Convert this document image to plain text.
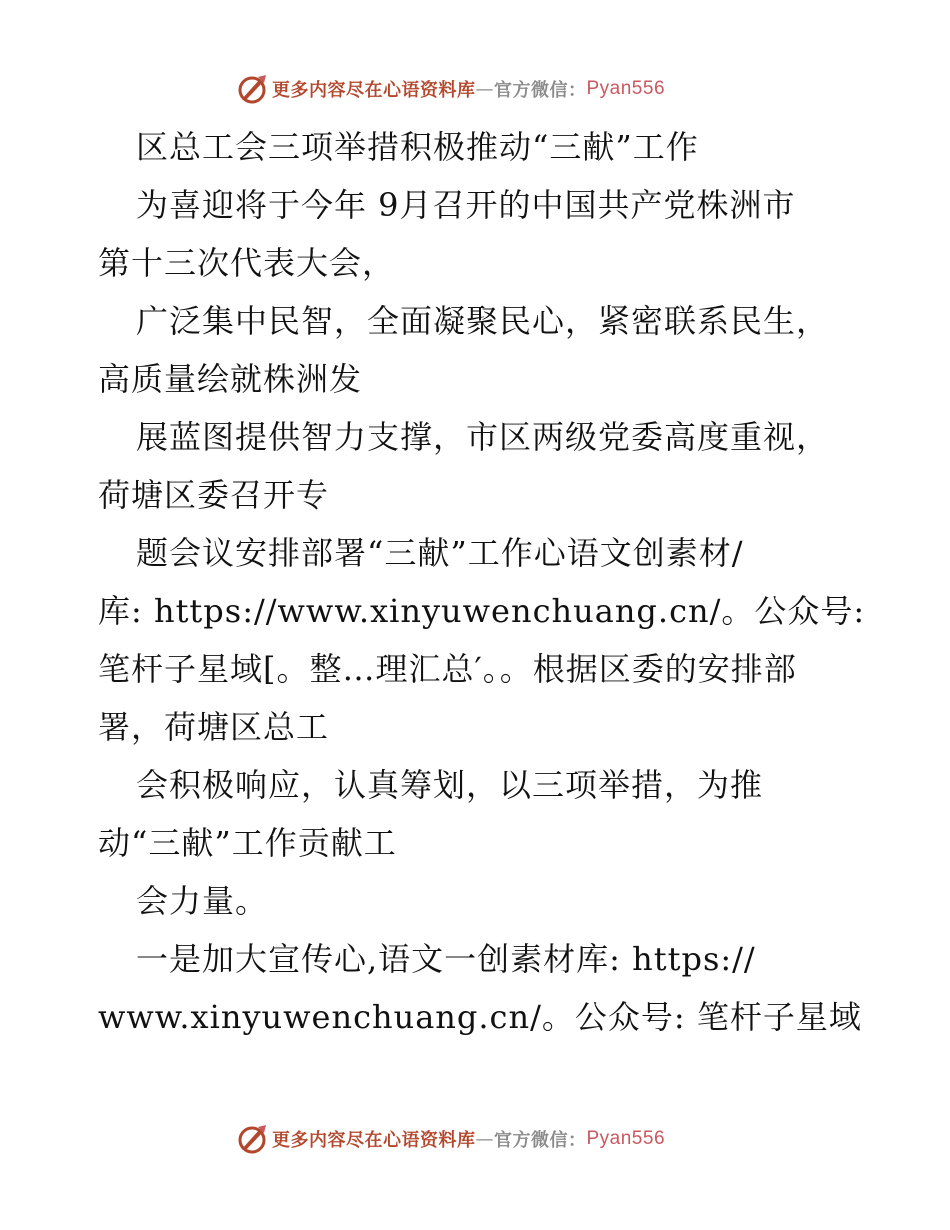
更多内容尽在心语资料库 — 官方微信： Pyan556
区总工会三项举措积极推动“三献”工作
为喜迎将于今年 9月召开的中国共产党株洲市
第十三次代表大会，
广泛集中民智，全面凝聚民心，紧密联系民生，
高质量绘就株洲发
展蓝图提供智力支撑，市区两级党委高度重视，
荷塘区委召开专
题会议安排部署“三献”工作心语文创素材/
库: https://www.xinyuwenchuang.cn/。公众号:
笔杆子星域[。整…理汇总′。。根据区委的安排部
署，荷塘区总工
会积极响应，认真筹划，以三项举措，为推
动“三献”工作贡献工
会力量。
一是加大宣传心,语文一创素材库: https://
www.xinyuwenchuang.cn/。公众号: 笔杆子星域
更多内容尽在心语资料库 — 官方微信： Pyan556
